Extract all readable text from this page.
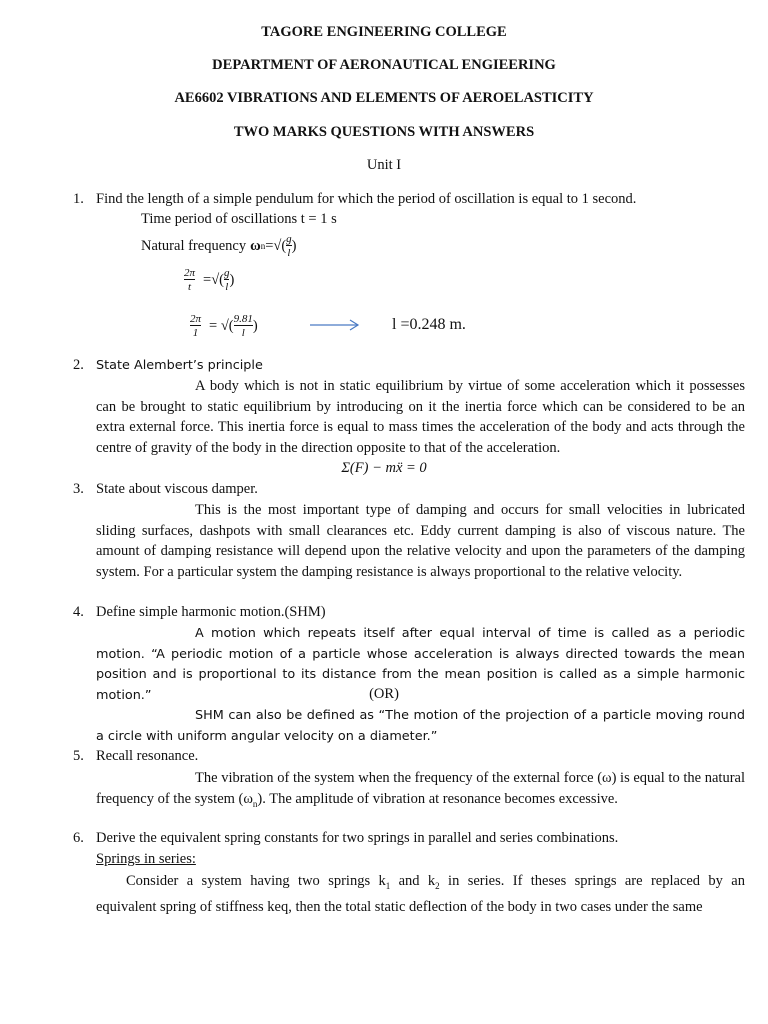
TAGORE ENGINEERING COLLEGE
DEPARTMENT OF AERONAUTICAL ENGIEERING
AE6602 VIBRATIONS AND ELEMENTS OF AEROELASTICITY
TWO MARKS QUESTIONS WITH ANSWERS
Unit I
1. Find the length of a simple pendulum for which the period of oscillation is equal to 1 second.
Time period of oscillations t = 1 s
Natural frequency ω n =√( $\frac{g}{l}$ )
$\frac{2\pi}{t}$ =√( $\frac{g}{l}$ )
$\frac{2\pi}{1}$ = √( $\frac{9.81}{l}$ )	l =0.248 m.
2. State Alembert’s principle
A body which is not in static equilibrium by virtue of some acceleration which it possesses can be brought to static equilibrium by introducing on it the inertia force which can be considered to be an extra external force. This inertia force is equal to mass times the acceleration of the body and acts through the centre of gravity of the body in the direction opposite to that of the acceleration.
Σ(F) − mẍ = 0
3. State about viscous damper.
This is the most important type of damping and occurs for small velocities in lubricated sliding surfaces, dashpots with small clearances etc. Eddy current damping is also of viscous nature. The amount of damping resistance will depend upon the relative velocity and upon the parameters of the damping system. For a particular system the damping resistance is always proportional to the relative velocity.
4. Define simple harmonic motion.(SHM)
A motion which repeats itself after equal interval of time is called as a periodic motion. “A periodic motion of a particle whose acceleration is always directed towards the mean position and is proportional to its distance from the mean position is called as a simple harmonic motion.”	(OR)
SHM can also be defined as “The motion of the projection of a particle moving round a circle with uniform angular velocity on a diameter.”
5. Recall resonance.
The vibration of the system when the frequency of the external force (ω) is equal to the natural frequency of the system $(\omega_n)$. The amplitude of vibration at resonance becomes excessive.
6. Derive the equivalent spring constants for two springs in parallel and series combinations.
Springs in series:
Consider a system having two springs $k_1$ and $k_2$ in series. If theses springs are replaced by an
equivalent spring of stiffness keq, then the total static deflection of the body in two cases under the same
